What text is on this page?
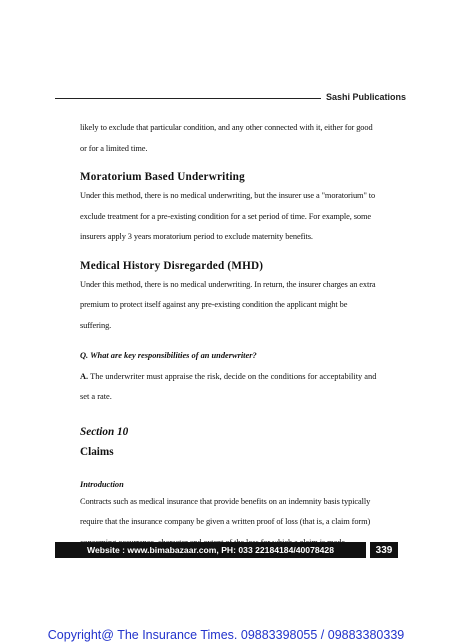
Sashi Publications

likely to exclude that particular condition, and any other connected with it, either for good or for a limited time.

Moratorium Based Underwriting

Under this method, there is no medical underwriting, but the insurer use a "moratorium" to exclude treatment for a pre-existing condition for a set period of time. For example, some insurers apply 3 years moratorium period to exclude maternity benefits.

Medical History Disregarded (MHD)

Under this method, there is no medical underwriting. In return, the insurer charges an extra premium to protect itself against any pre-existing condition the applicant might be suffering.

Q. What are key responsibilities of an underwriter?

A. The underwriter must appraise the risk, decide on the conditions for acceptability and set a rate.

Section 10

Claims

Introduction

Contracts such as medical insurance that provide benefits on an indemnity basis typically require that the insurance company be given a written proof of loss (that is, a claim form)

Website : www.bimabazaar.com, PH: 033 22184184/40078428	339
Copyright@ The Insurance Times. 09883398055 / 09883380339
